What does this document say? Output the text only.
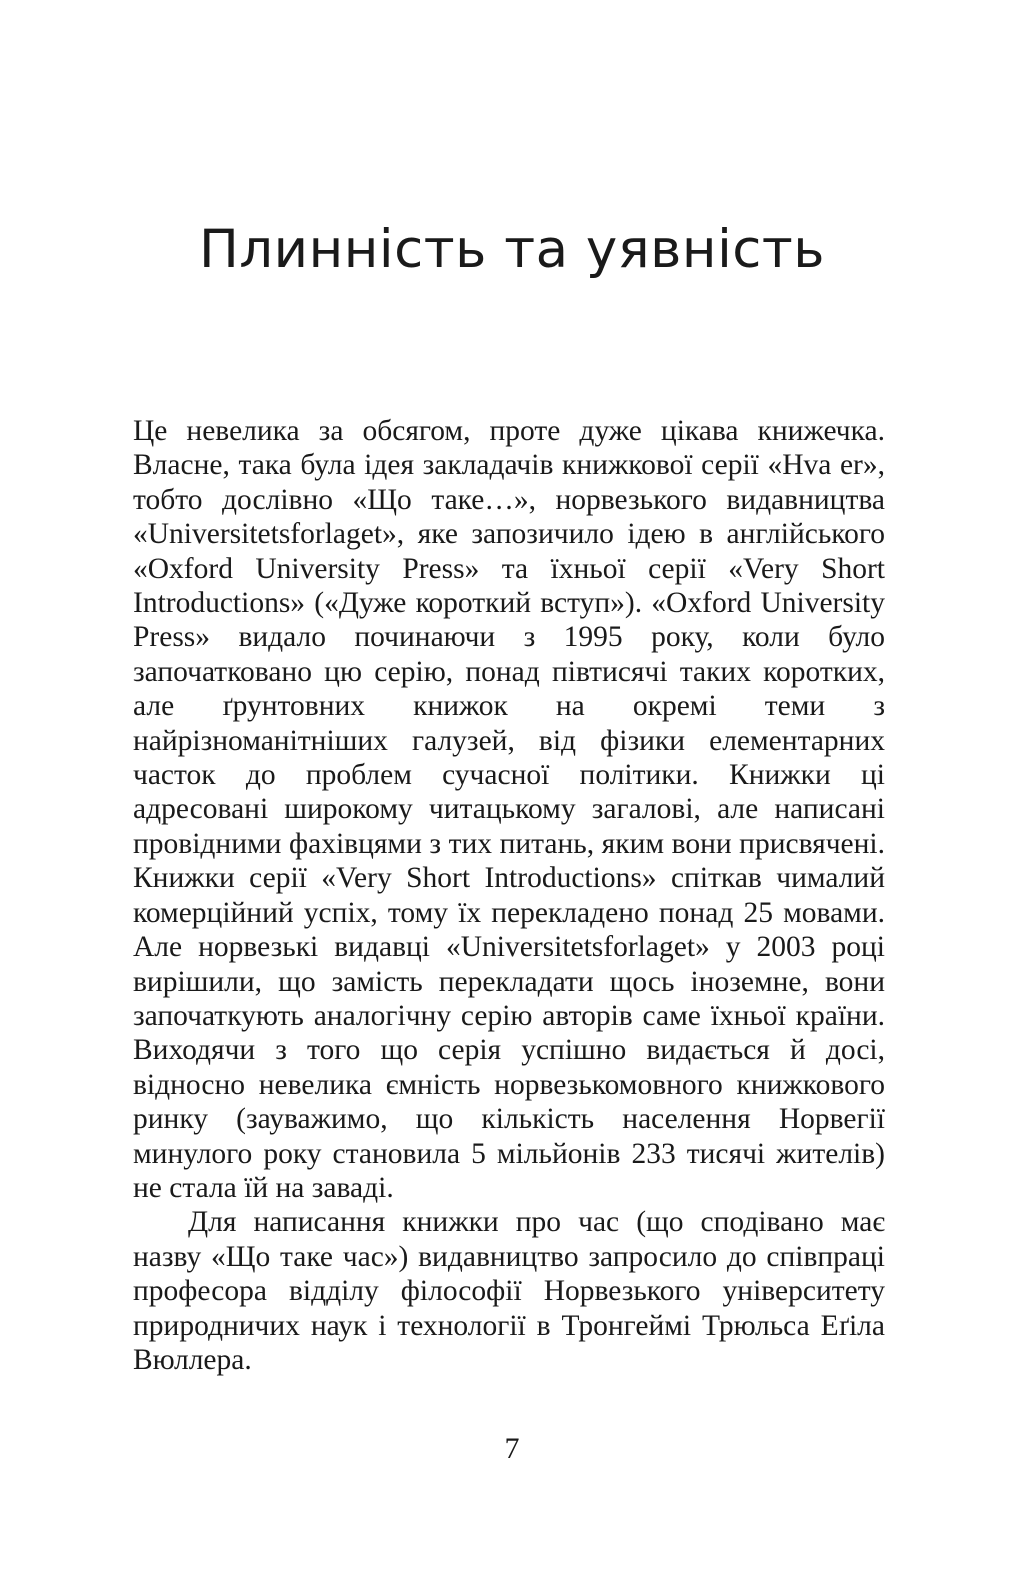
Плинність та уявність

Це невелика за обсягом, проте дуже цікава книжечка. Власне, така була ідея закладачів книжкової серії «Hva er», тобто дослівно «Що таке…», норвезького видавництва «Universitetsforlaget», яке запозичило ідею в англійського «Oxford University Press» та їхньої серії «Very Short Introductions» («Дуже короткий вступ»). «Oxford University Press» видало починаючи з 1995 року, коли було започатковано цю серію, понад півтисячі таких коротких, але ґрунтовних книжок на окремі теми з найрізноманітніших галузей, від фізики елементарних часток до проблем сучасної політики. Книжки ці адресовані широкому читацькому загалові, але написані провідними фахівцями з тих питань, яким вони присвячені. Книжки серії «Very Short Introductions» спіткав чималий комерційний успіх, тому їх перекладено понад 25 мовами. Але норвезькі видавці «Universitetsforlaget» у 2003 році вирішили, що замість перекладати щось іноземне, вони започаткують аналогічну серію авторів саме їхньої країни. Виходячи з того що серія успішно видається й досі, відносно невелика ємність норвезькомовного книжкового ринку (зауважимо, що кількість населення Норвегії минулого року становила 5 мільйонів 233 тисячі жителів) не стала їй на заваді.

Для написання книжки про час (що сподівано має назву «Що таке час») видавництво запросило до співпраці професора відділу філософії Норвезького університету природничих наук і технології в Тронгеймі Трюльса Еґіла Вюллера.

7
